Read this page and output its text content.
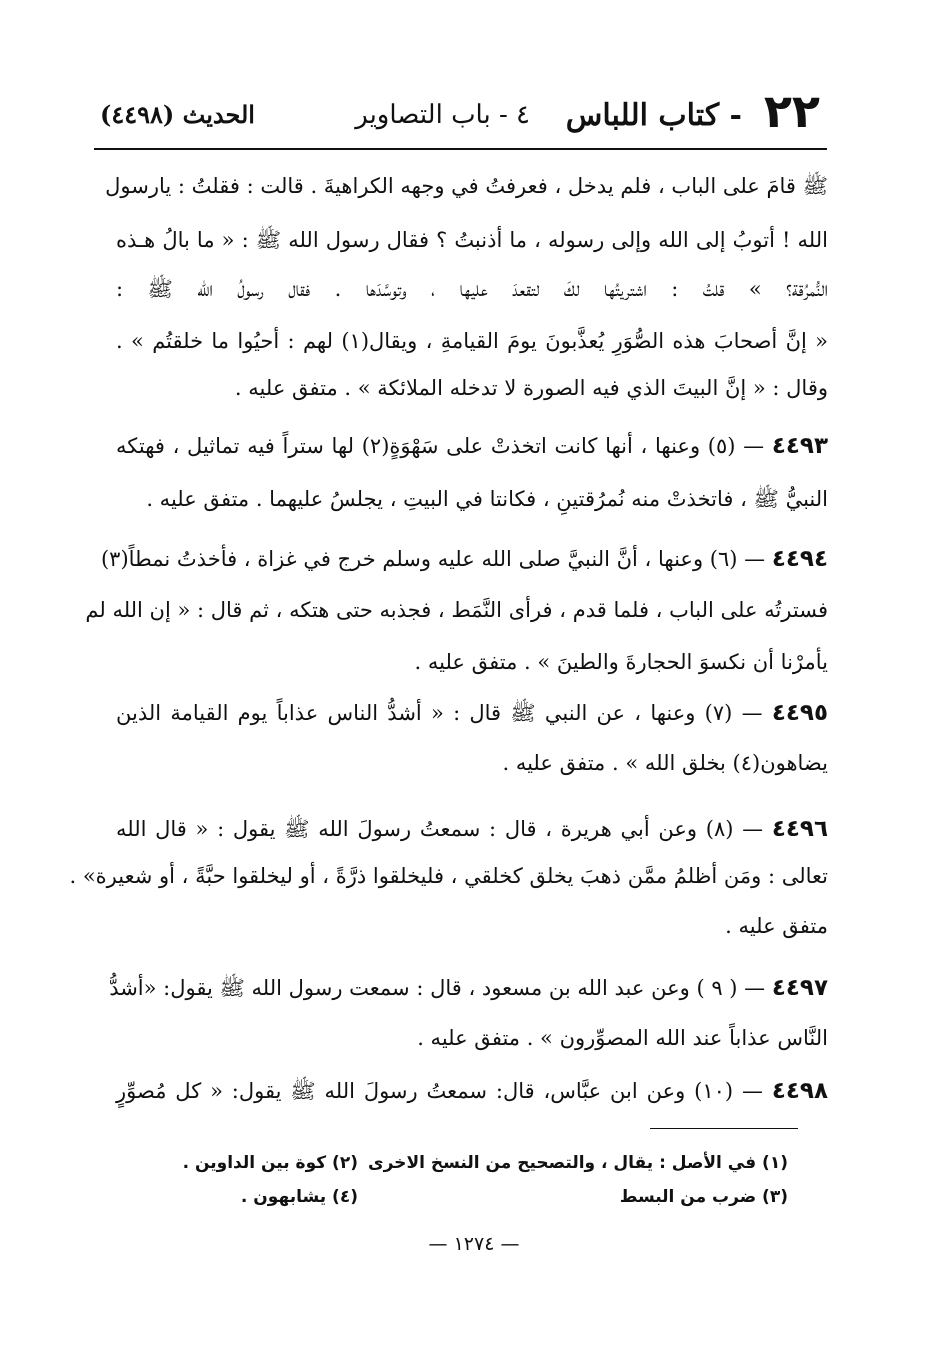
٢٢
- كتاب اللباس
٤ - باب التصاوير
الحديث (٤٤٩٨)
ﷺ قامَ على الباب ، فلم يدخل ، فعرفتُ في وجهه الكراهيةَ . قالت : فقلتُ : يارسول
الله ! أتوبُ إلى الله وإلى رسوله ، ما أذنبتُ ؟ فقال رسول الله ﷺ : « ما بالُ هـذه
النُّمرُقة؟ » قلتُ : اشتريتُها لكَ لتقعدَ عليها ، وتوسَّدَها . فقال رسولُ الله ﷺ :
« إنَّ أصحابَ هذه الصُّوَرِ يُعذَّبونَ يومَ القيامةِ ، ويقال(١) لهم : أحيُوا ما خلقتُم » .
وقال : « إنَّ البيتَ الذي فيه الصورة لا تدخله الملائكة » . متفق عليه .
٤٤٩٣ — (٥) وعنها ، أنها كانت اتخذتْ على سَهْوَةٍ(٢) لها ستراً فيه تماثيل ، فهتكه
النبيُّ ﷺ ، فاتخذتْ منه نُمرُقتينِ ، فكانتا في البيتِ ، يجلسُ عليهما . متفق عليه .
٤٤٩٤ — (٦) وعنها ، أنَّ النبيَّ صلى الله عليه وسلم خرج في غزاة ، فأخذتُ نمطاً(٣)
فسترتُه على الباب ، فلما قدم ، فرأى النَّمَط ، فجذبه حتى هتكه ، ثم قال : « إن الله لم
يأمرْنا أن نكسوَ الحجارةَ والطينَ » . متفق عليه .
٤٤٩٥ — (٧) وعنها ، عن النبي ﷺ قال : « أشدُّ الناس عذاباً يوم القيامة الذين
يضاهون(٤) بخلق الله » . متفق عليه .
٤٤٩٦ — (٨) وعن أبي هريرة ، قال : سمعتُ رسولَ الله ﷺ يقول : « قال الله
تعالى : ومَن أظلمُ ممَّن ذهبَ يخلق كخلقي ، فليخلقوا ذرَّةً ، أو ليخلقوا حبَّةً ، أو شعيرة» .
متفق عليه .
٤٤٩٧ — ( ٩ ) وعن عبد الله بن مسعود ، قال : سمعت رسول الله ﷺ يقول: «أشدُّ
النَّاس عذاباً عند الله المصوِّرون » . متفق عليه .
٤٤٩٨ — (١٠) وعن ابن عبَّاس، قال: سمعتُ رسولَ الله ﷺ يقول: « كل مُصوِّرٍ
(١) في الأصل : يقال ، والتصحيح من النسخ الاخرى
(٢) كوة بين الداوين .
(٣) ضرب من البسط
(٤) يشابهون .
— ١٢٧٤ —
